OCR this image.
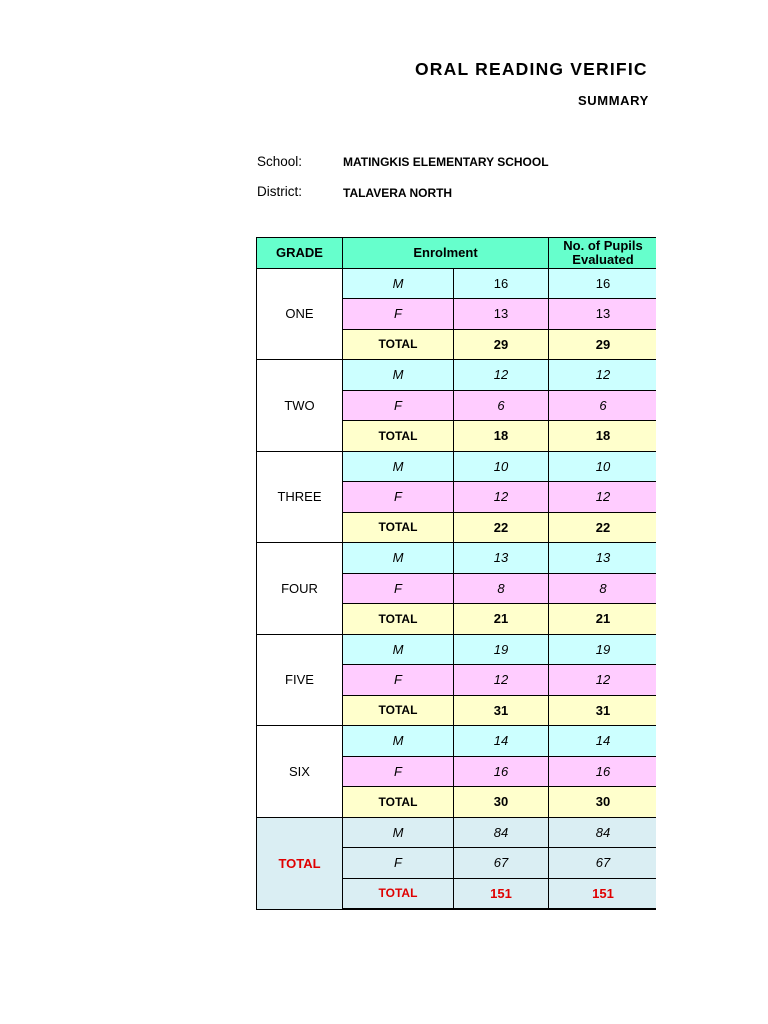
ORAL READING VERIFIC
SUMMARY
School:	MATINGKIS ELEMENTARY SCHOOL
District:	TALAVERA NORTH
GRADE	Enrolment		No. of Pupils
Evaluated
ONE	M	16	16
	F	13	13
	TOTAL	29	29
TWO	M	12	12
	F	6	6
	TOTAL	18	18
THREE	M	10	10
	F	12	12
	TOTAL	22	22
FOUR	M	13	13
	F	8	8
	TOTAL	21	21
FIVE	M	19	19
	F	12	12
	TOTAL	31	31
SIX	M	14	14
	F	16	16
	TOTAL	30	30
TOTAL	M	84	84
	F	67	67
	TOTAL	151	151
